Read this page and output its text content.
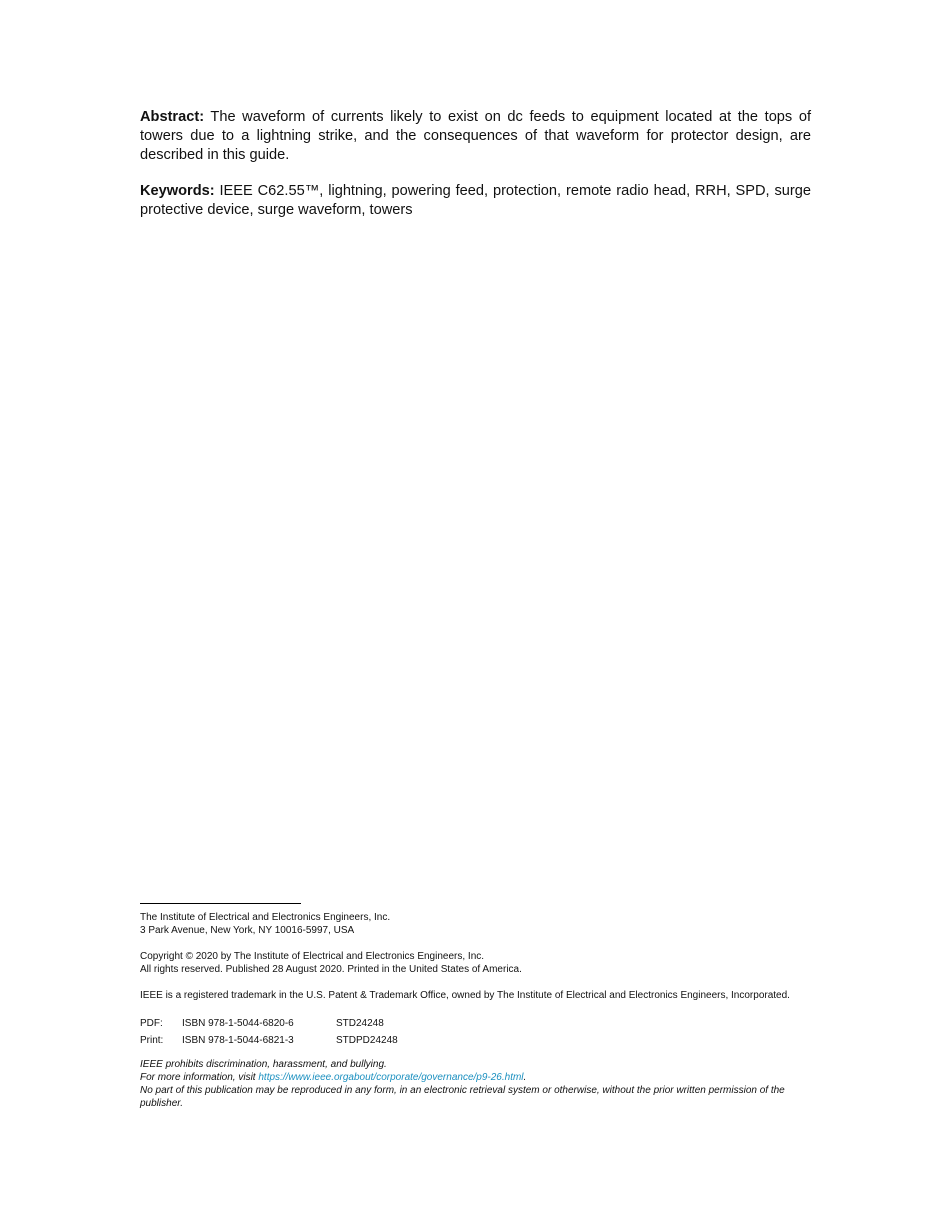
Abstract: The waveform of currents likely to exist on dc feeds to equipment located at the tops of towers due to a lightning strike, and the consequences of that waveform for protector design, are described in this guide.

Keywords: IEEE C62.55™, lightning, powering feed, protection, remote radio head, RRH, SPD, surge protective device, surge waveform, towers

The Institute of Electrical and Electronics Engineers, Inc.
3 Park Avenue, New York, NY 10016-5997, USA
Copyright © 2020 by The Institute of Electrical and Electronics Engineers, Inc.
All rights reserved. Published 28 August 2020. Printed in the United States of America.
IEEE is a registered trademark in the U.S. Patent & Trademark Office, owned by The Institute of Electrical and Electronics Engineers, Incorporated.
PDF:	ISBN 978-1-5044-6820-6	STD24248
Print:	ISBN 978-1-5044-6821-3	STDPD24248
IEEE prohibits discrimination, harassment, and bullying.
For more information, visit https://www.ieee.orgabout/corporate/governance/p9-26.html.
No part of this publication may be reproduced in any form, in an electronic retrieval system or otherwise, without the prior written permission of the publisher.
